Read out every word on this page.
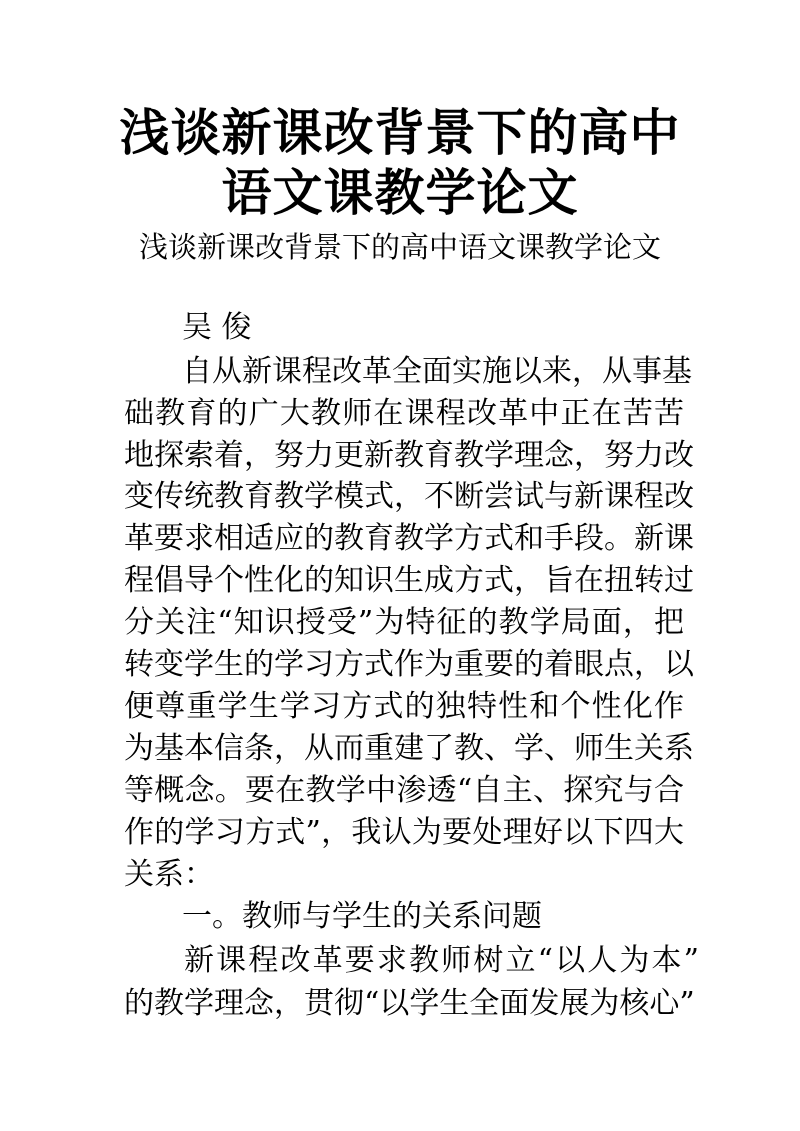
浅谈新课改背景下的高中
语文课教学论文

浅谈新课改背景下的高中语文课教学论文

吴 俊

自从新课程改革全面实施以来，从事基

础教育的广大教师在课程改革中正在苦苦

地探索着，努力更新教育教学理念，努力改

变传统教育教学模式，不断尝试与新课程改

革要求相适应的教育教学方式和手段。新课

程倡导个性化的知识生成方式，旨在扭转过

分关注“知识授受”为特征的教学局面，把

转变学生的学习方式作为重要的着眼点，以

便尊重学生学习方式的独特性和个性化作

为基本信条，从而重建了教、学、师生关系

等概念。要在教学中渗透“自主、探究与合

作的学习方式”，我认为要处理好以下四大

关系：

一。教师与学生的关系问题

新课程改革要求教师树立“以人为本”

的教学理念，贯彻“以学生全面发展为核心”
